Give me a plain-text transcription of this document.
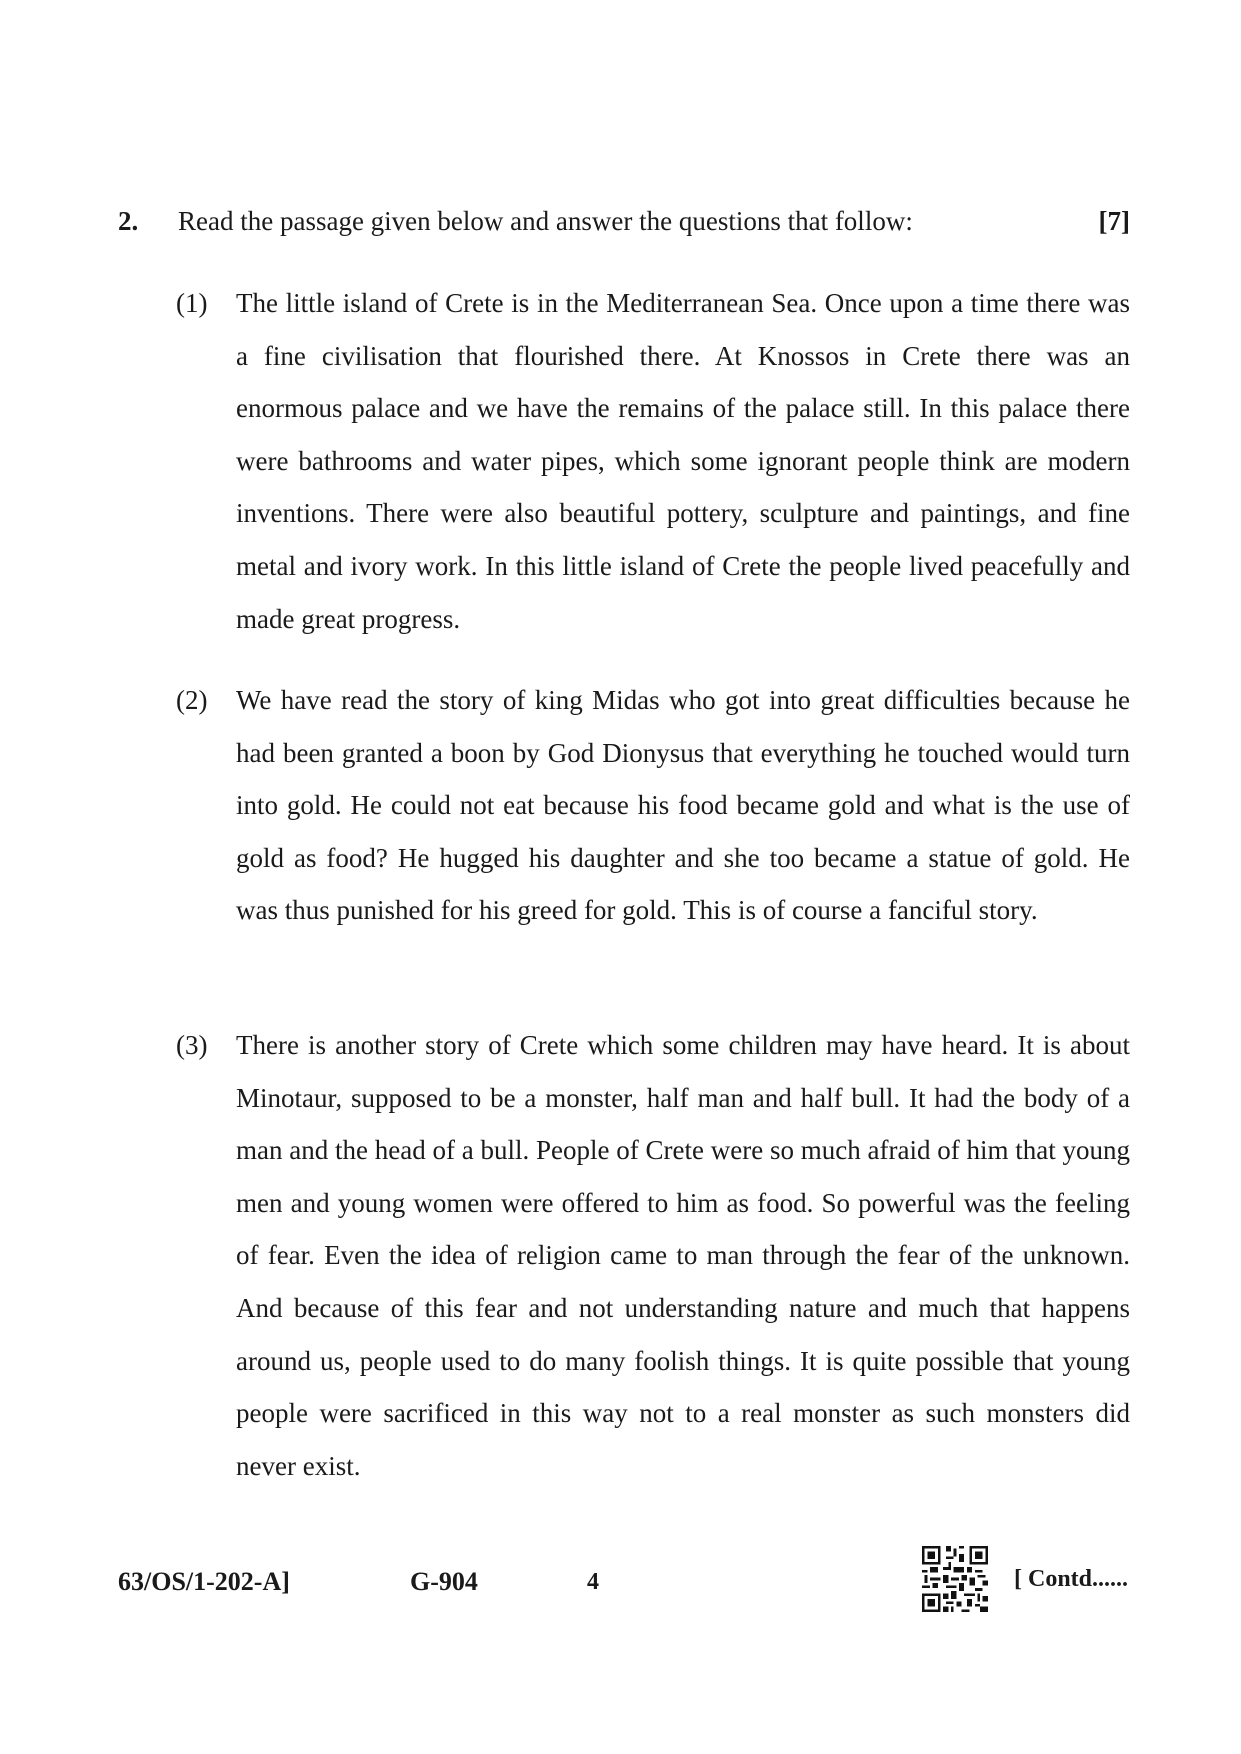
2. Read the passage given below and answer the questions that follow:	[7]
(1) The little island of Crete is in the Mediterranean Sea. Once upon a time there was a fine civilisation that flourished there. At Knossos in Crete there was an enormous palace and we have the remains of the palace still. In this palace there were bathrooms and water pipes, which some ignorant people think are modern inventions. There were also beautiful pottery, sculpture and paintings, and fine metal and ivory work. In this little island of Crete the people lived peacefully and made great progress.
(2) We have read the story of king Midas who got into great difficulties because he had been granted a boon by God Dionysus that everything he touched would turn into gold. He could not eat because his food became gold and what is the use of gold as food? He hugged his daughter and she too became a statue of gold. He was thus punished for his greed for gold. This is of course a fanciful story.
(3) There is another story of Crete which some children may have heard. It is about Minotaur, supposed to be a monster, half man and half bull. It had the body of a man and the head of a bull. People of Crete were so much afraid of him that young men and young women were offered to him as food. So powerful was the feeling of fear. Even the idea of religion came to man through the fear of the unknown. And because of this fear and not understanding nature and much that happens around us, people used to do many foolish things. It is quite possible that young people were sacrificed in this way not to a real monster as such monsters did never exist.
63/OS/1-202-A]	G-904	4	[ Contd......
